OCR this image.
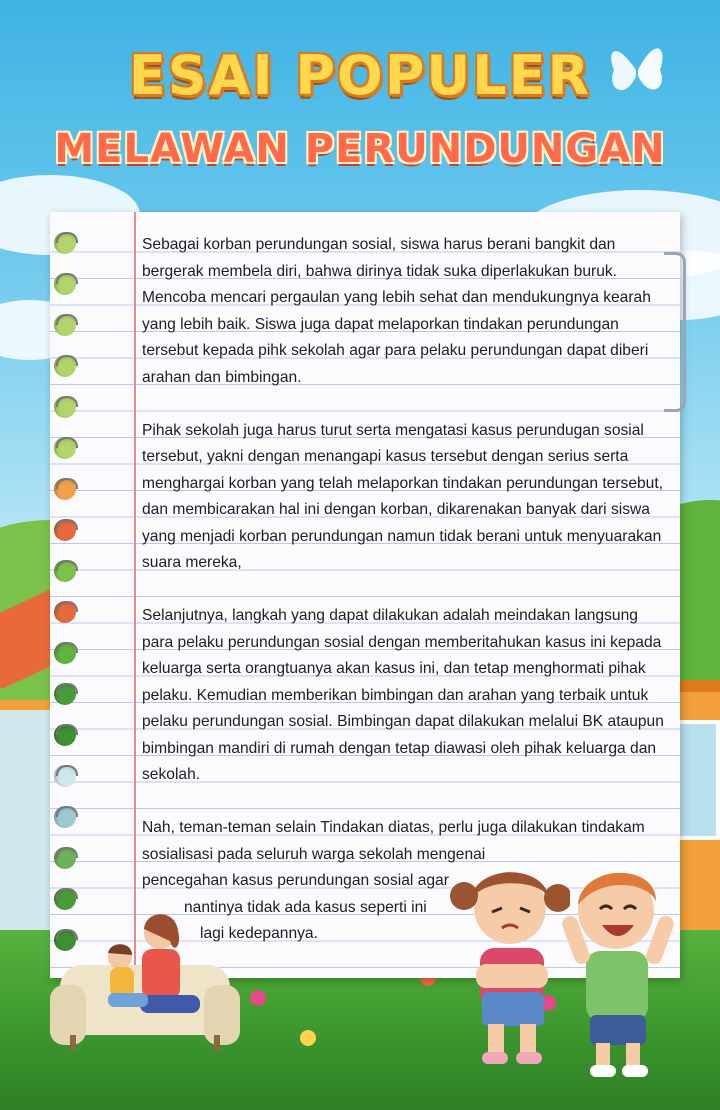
ESAI POPULER
MELAWAN PERUNDUNGAN

Sebagai korban perundungan sosial, siswa harus berani bangkit dan
bergerak membela diri, bahwa dirinya tidak suka diperlakukan buruk.
Mencoba mencari pergaulan yang lebih sehat dan mendukungnya kearah
yang lebih baik. Siswa juga dapat melaporkan tindakan perundungan
tersebut kepada pihk sekolah agar para pelaku perundungan dapat diberi
arahan dan bimbingan.

Pihak sekolah juga harus turut serta mengatasi kasus perundugan sosial
tersebut, yakni dengan menangapi kasus tersebut dengan serius serta
menghargai korban yang telah melaporkan tindakan perundungan tersebut,
dan membicarakan hal ini dengan korban, dikarenakan banyak dari siswa
yang menjadi korban perundungan namun tidak berani untuk menyuarakan
suara mereka,

Selanjutnya, langkah yang dapat dilakukan adalah meindakan langsung
para pelaku perundungan sosial dengan memberitahukan kasus ini kepada
keluarga serta orangtuanya akan kasus ini, dan tetap menghormati pihak
pelaku. Kemudian memberikan bimbingan dan arahan yang terbaik untuk
pelaku perundungan sosial. Bimbingan dapat dilakukan melalui BK ataupun
bimbingan mandiri di rumah dengan tetap diawasi oleh pihak keluarga dan
sekolah.

Nah, teman-teman selain Tindakan diatas, perlu juga dilakukan tindakam
sosialisasi pada seluruh warga sekolah mengenai
pencegahan kasus perundungan sosial agar
nantinya tidak ada kasus seperti ini
lagi kedepannya.
